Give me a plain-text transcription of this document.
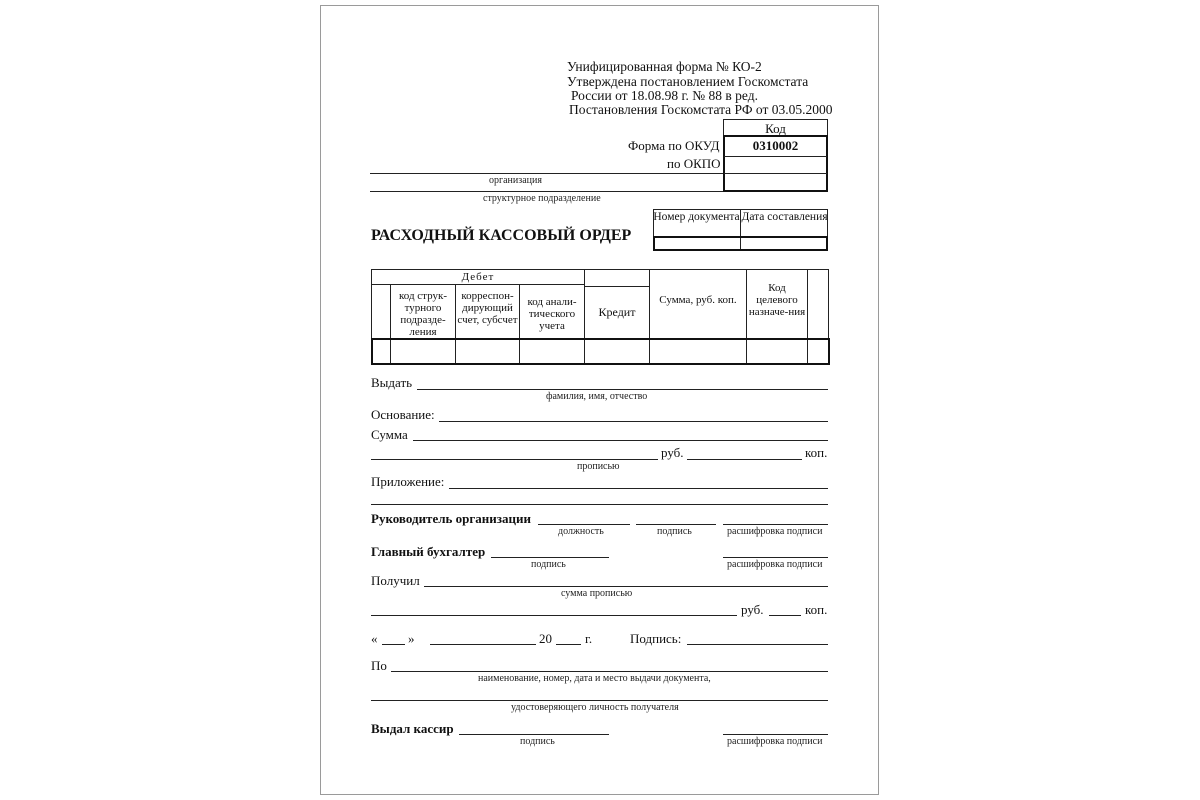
Унифицированная форма № КО-2
Утверждена постановлением Госкомстата
России от 18.08.98 г. № 88 в ред.
Постановления Госкомстата РФ от 03.05.2000
Код
Форма по ОКУД	0310002
по ОКПО
организация
структурное подразделение
РАСХОДНЫЙ КАССОВЫЙ ОРДЕР
Номер документа Дата составления
Дебет
код струк-турного подразде-ления
корреспон-дирующий счет, субсчет
код анали-тического учета
Кредит
Сумма, руб. коп.
Код целевого назначе-ния
Выдать
фамилия, имя, отчество
Основание:
Сумма
руб.	коп.
прописью
Приложение:
Руководитель организации
должность	подпись	расшифровка подписи
Главный бухгалтер
подпись	расшифровка подписи
Получил
сумма прописью
руб.	коп.
« »	20	г.	Подпись:
По
наименование, номер, дата и место выдачи документа,
удостоверяющего личность получателя
Выдал кассир
подпись	расшифровка подписи
